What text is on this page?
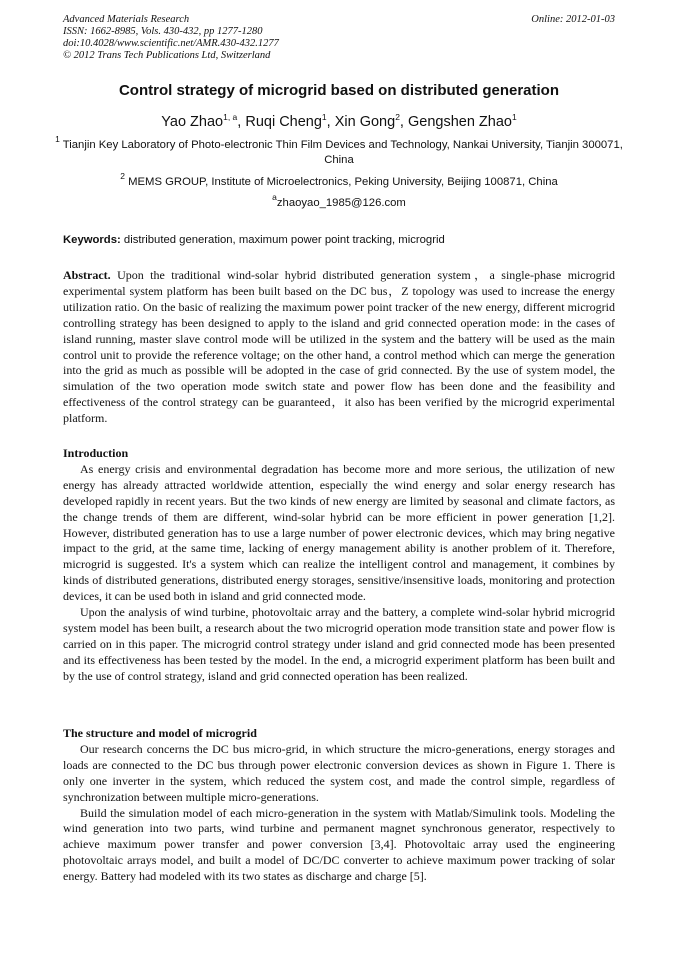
Advanced Materials Research
ISSN: 1662-8985, Vols. 430-432, pp 1277-1280
doi:10.4028/www.scientific.net/AMR.430-432.1277
© 2012 Trans Tech Publications Ltd, Switzerland
Online: 2012-01-03
Control strategy of microgrid based on distributed generation
Yao Zhao$^{1, a}$, Ruqi Cheng$^1$, Xin Gong$^2$, Gengshen Zhao$^1$
$^1$ Tianjin Key Laboratory of Photo-electronic Thin Film Devices and Technology, Nankai University, Tianjin 300071, China
$^2$ MEMS GROUP, Institute of Microelectronics, Peking University, Beijing 100871, China
$^a$zhaoyao_1985@126.com
Keywords: distributed generation, maximum power point tracking, microgrid

Abstract. Upon the traditional wind-solar hybrid distributed generation system，a single-phase microgrid experimental system platform has been built based on the DC bus，Z topology was used to increase the energy utilization ratio. On the basic of realizing the maximum power point tracker of the new energy, different microgrid controlling strategy has been designed to apply to the island and grid connected operation mode: in the cases of island running, master slave control mode will be utilized in the system and the battery will be used as the main control unit to provide the reference voltage; on the other hand, a control method which can merge the generation into the grid as much as possible will be adopted in the case of grid connected. By the use of system model, the simulation of the two operation mode switch state and power flow has been done and the feasibility and effectiveness of the control strategy can be guaranteed，it also has been verified by the microgrid experimental platform.

Introduction

As energy crisis and environmental degradation has become more and more serious, the utilization of new energy has already attracted worldwide attention, especially the wind energy and solar energy research has developed rapidly in recent years. But the two kinds of new energy are limited by seasonal and climate factors, as the change trends of them are different, wind-solar hybrid can be more efficient in power generation [1,2]. However, distributed generation has to use a large number of power electronic devices, which may bring negative impact to the grid, at the same time, lacking of energy management ability is another problem of it. Therefore, microgrid is suggested. It's a system which can realize the intelligent control and management, it combines by kinds of distributed generations, distributed energy storages, sensitive/insensitive loads, monitoring and protection devices, it can be used both in island and grid connected mode.

Upon the analysis of wind turbine, photovoltaic array and the battery, a complete wind-solar hybrid microgrid system model has been built, a research about the two microgrid operation mode transition state and power flow is carried on in this paper. The microgrid control strategy under island and grid connected mode has been presented and its effectiveness has been tested by the model. In the end, a microgrid experiment platform has been built and by the use of control strategy, island and grid connected operation has been realized.

The structure and model of microgrid

Our research concerns the DC bus micro-grid, in which structure the micro-generations, energy storages and loads are connected to the DC bus through power electronic conversion devices as shown in Figure 1. There is only one inverter in the system, which reduced the system cost, and made the control simple, regardless of synchronization between multiple micro-generations.

Build the simulation model of each micro-generation in the system with Matlab/Simulink tools. Modeling the wind generation into two parts, wind turbine and permanent magnet synchronous generator, respectively to achieve maximum power transfer and power conversion [3,4]. Photovoltaic array used the engineering photovoltaic arrays model, and built a model of DC/DC converter to achieve maximum power tracking of solar energy. Battery had modeled with its two states as discharge and charge [5].
